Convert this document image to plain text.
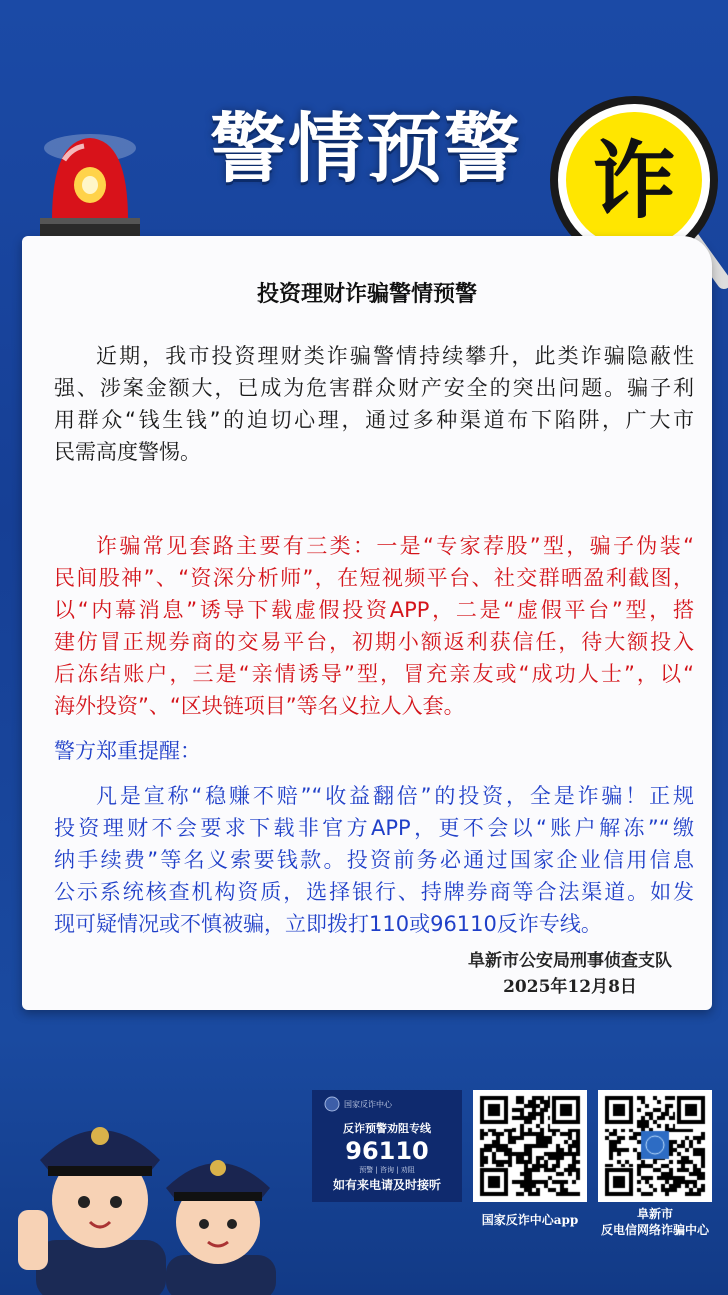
警情预警 诈
投资理财诈骗警情预警
近期，我市投资理财类诈骗警情持续攀升，此类诈骗隐蔽性
强、涉案金额大，已成为危害群众财产安全的突出问题。骗子利
用群众“钱生钱”的迫切心理，通过多种渠道布下陷阱，广大市
民需高度警惕。
诈骗常见套路主要有三类：一是“专家荐股”型，骗子伪装“
民间股神”、“资深分析师”，在短视频平台、社交群晒盈利截图，
以“内幕消息”诱导下载虚假投资APP，二是“虚假平台”型，搭
建仿冒正规券商的交易平台，初期小额返利获信任，待大额投入
后冻结账户，三是“亲情诱导”型，冒充亲友或“成功人士”，以“
海外投资”、“区块链项目”等名义拉人入套。
警方郑重提醒：
凡是宣称“稳赚不赔”“收益翻倍”的投资，全是诈骗！正规
投资理财不会要求下载非官方APP，更不会以“账户解冻”“缴
纳手续费”等名义索要钱款。投资前务必通过国家企业信用信息
公示系统核查机构资质，选择银行、持牌券商等合法渠道。如发
现可疑情况或不慎被骗，立即拨打110或96110反诈专线。
阜新市公安局刑事侦查支队
2025年12月8日
国家反诈中心
反诈预警劝阻专线
96110
预警 | 咨询 | 劝阻
如有来电请及时接听
国家反诈中心app	阜新市
反电信网络诈骗中心
